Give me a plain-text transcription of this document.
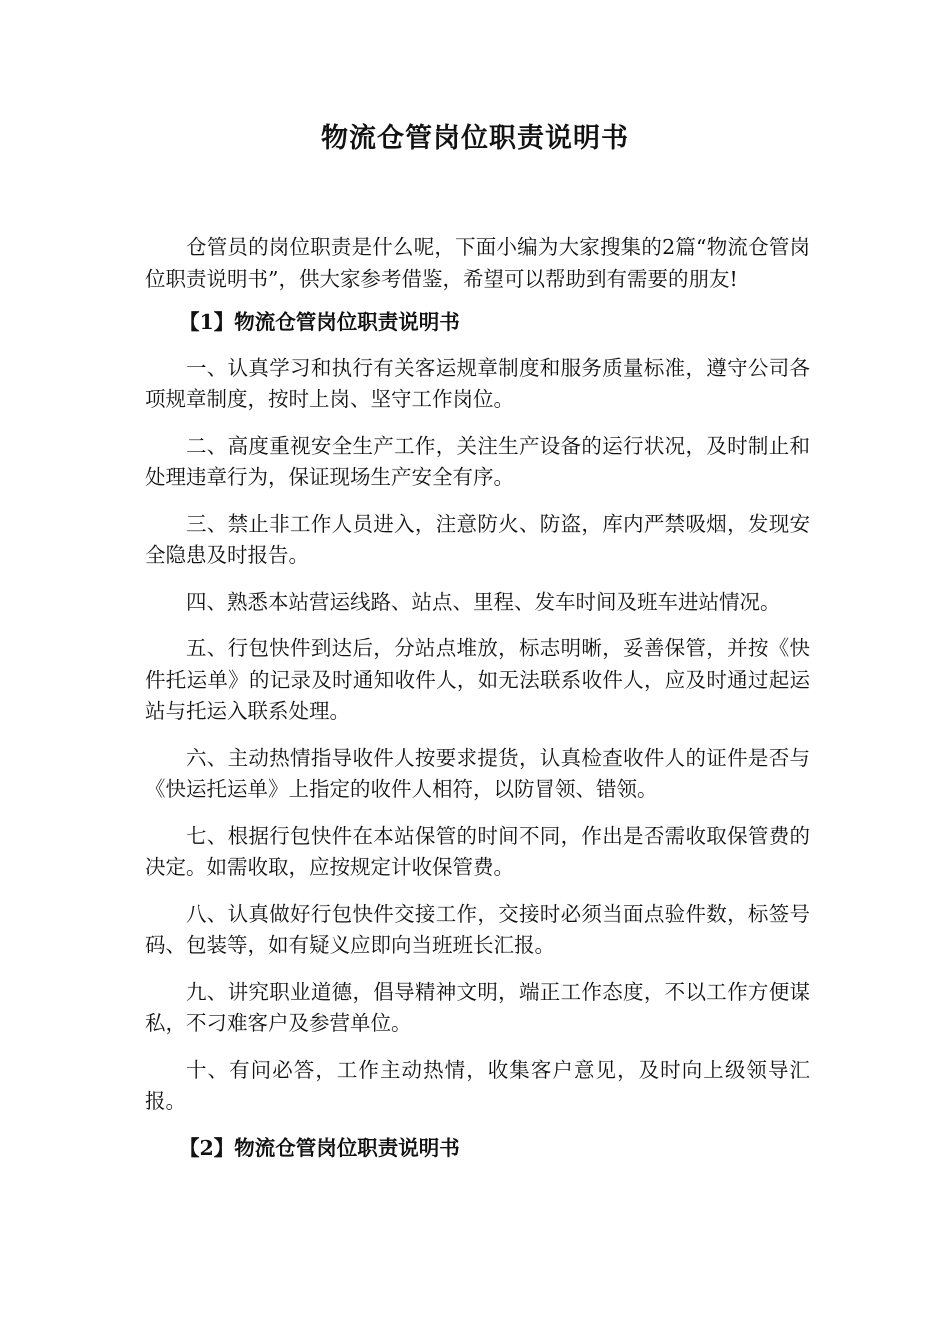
物流仓管岗位职责说明书

仓管员的岗位职责是什么呢，下面小编为大家搜集的2篇“物流仓管岗位职责说明书”，供大家参考借鉴，希望可以帮助到有需要的朋友!

【1】物流仓管岗位职责说明书

一、认真学习和执行有关客运规章制度和服务质量标准，遵守公司各项规章制度，按时上岗、坚守工作岗位。

二、高度重视安全生产工作，关注生产设备的运行状况，及时制止和处理违章行为，保证现场生产安全有序。

三、禁止非工作人员进入，注意防火、防盗，库内严禁吸烟，发现安全隐患及时报告。

四、熟悉本站营运线路、站点、里程、发车时间及班车进站情况。

五、行包快件到达后，分站点堆放，标志明晰，妥善保管，并按《快件托运单》的记录及时通知收件人，如无法联系收件人，应及时通过起运站与托运入联系处理。

六、主动热情指导收件人按要求提货，认真检查收件人的证件是否与《快运托运单》上指定的收件人相符，以防冒领、错领。

七、根据行包快件在本站保管的时间不同，作出是否需收取保管费的决定。如需收取，应按规定计收保管费。

八、认真做好行包快件交接工作，交接时必须当面点验件数，标签号码、包装等，如有疑义应即向当班班长汇报。

九、讲究职业道德，倡导精神文明，端正工作态度，不以工作方便谋私，不刁难客户及参营单位。

十、有问必答，工作主动热情，收集客户意见，及时向上级领导汇报。

【2】物流仓管岗位职责说明书
